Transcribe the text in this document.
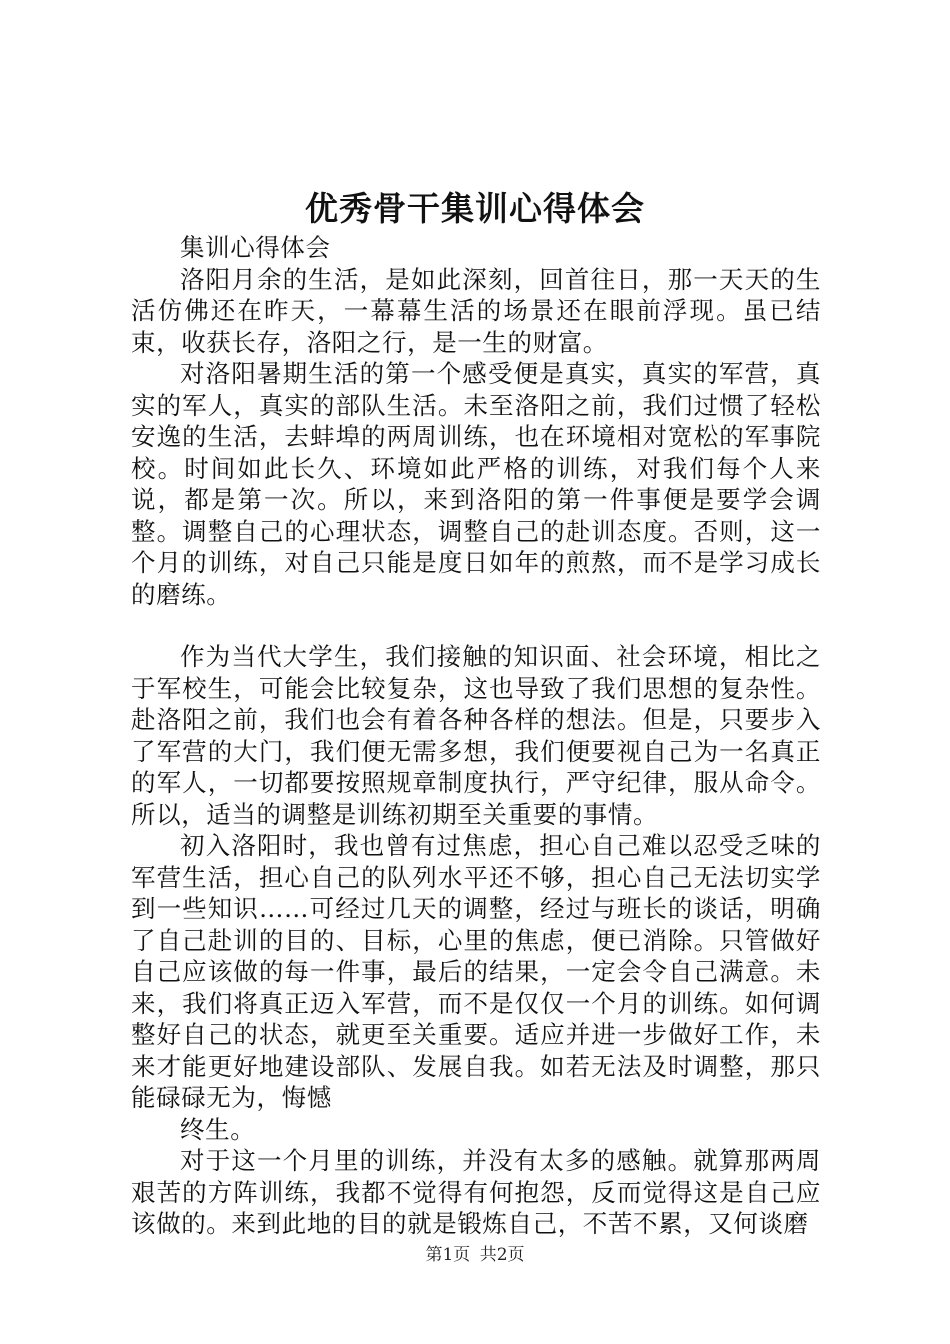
优秀骨干集训心得体会

集训心得体会

洛阳月余的生活，是如此深刻，回首往日，那一天天的生活仿佛还在昨天，一幕幕生活的场景还在眼前浮现。虽已结束，收获长存，洛阳之行，是一生的财富。

对洛阳暑期生活的第一个感受便是真实，真实的军营，真实的军人，真实的部队生活。未至洛阳之前，我们过惯了轻松安逸的生活，去蚌埠的两周训练，也在环境相对宽松的军事院校。时间如此长久、环境如此严格的训练，对我们每个人来说，都是第一次。所以，来到洛阳的第一件事便是要学会调整。调整自己的心理状态，调整自己的赴训态度。否则，这一个月的训练，对自己只能是度日如年的煎熬，而不是学习成长的磨练。

作为当代大学生，我们接触的知识面、社会环境，相比之于军校生，可能会比较复杂，这也导致了我们思想的复杂性。赴洛阳之前，我们也会有着各种各样的想法。但是，只要步入了军营的大门，我们便无需多想，我们便要视自己为一名真正的军人，一切都要按照规章制度执行，严守纪律，服从命令。所以，适当的调整是训练初期至关重要的事情。

初入洛阳时，我也曾有过焦虑，担心自己难以忍受乏味的军营生活，担心自己的队列水平还不够，担心自己无法切实学到一些知识……可经过几天的调整，经过与班长的谈话，明确了自己赴训的目的、目标，心里的焦虑，便已消除。只管做好自己应该做的每一件事，最后的结果，一定会令自己满意。未来，我们将真正迈入军营，而不是仅仅一个月的训练。如何调整好自己的状态，就更至关重要。适应并进一步做好工作，未来才能更好地建设部队、发展自我。如若无法及时调整，那只能碌碌无为，悔憾

终生。

对于这一个月里的训练，并没有太多的感触。就算那两周艰苦的方阵训练，我都不觉得有何抱怨，反而觉得这是自己应该做的。来到此地的目的就是锻炼自己，不苦不累，又何谈磨

第1页 共2页
